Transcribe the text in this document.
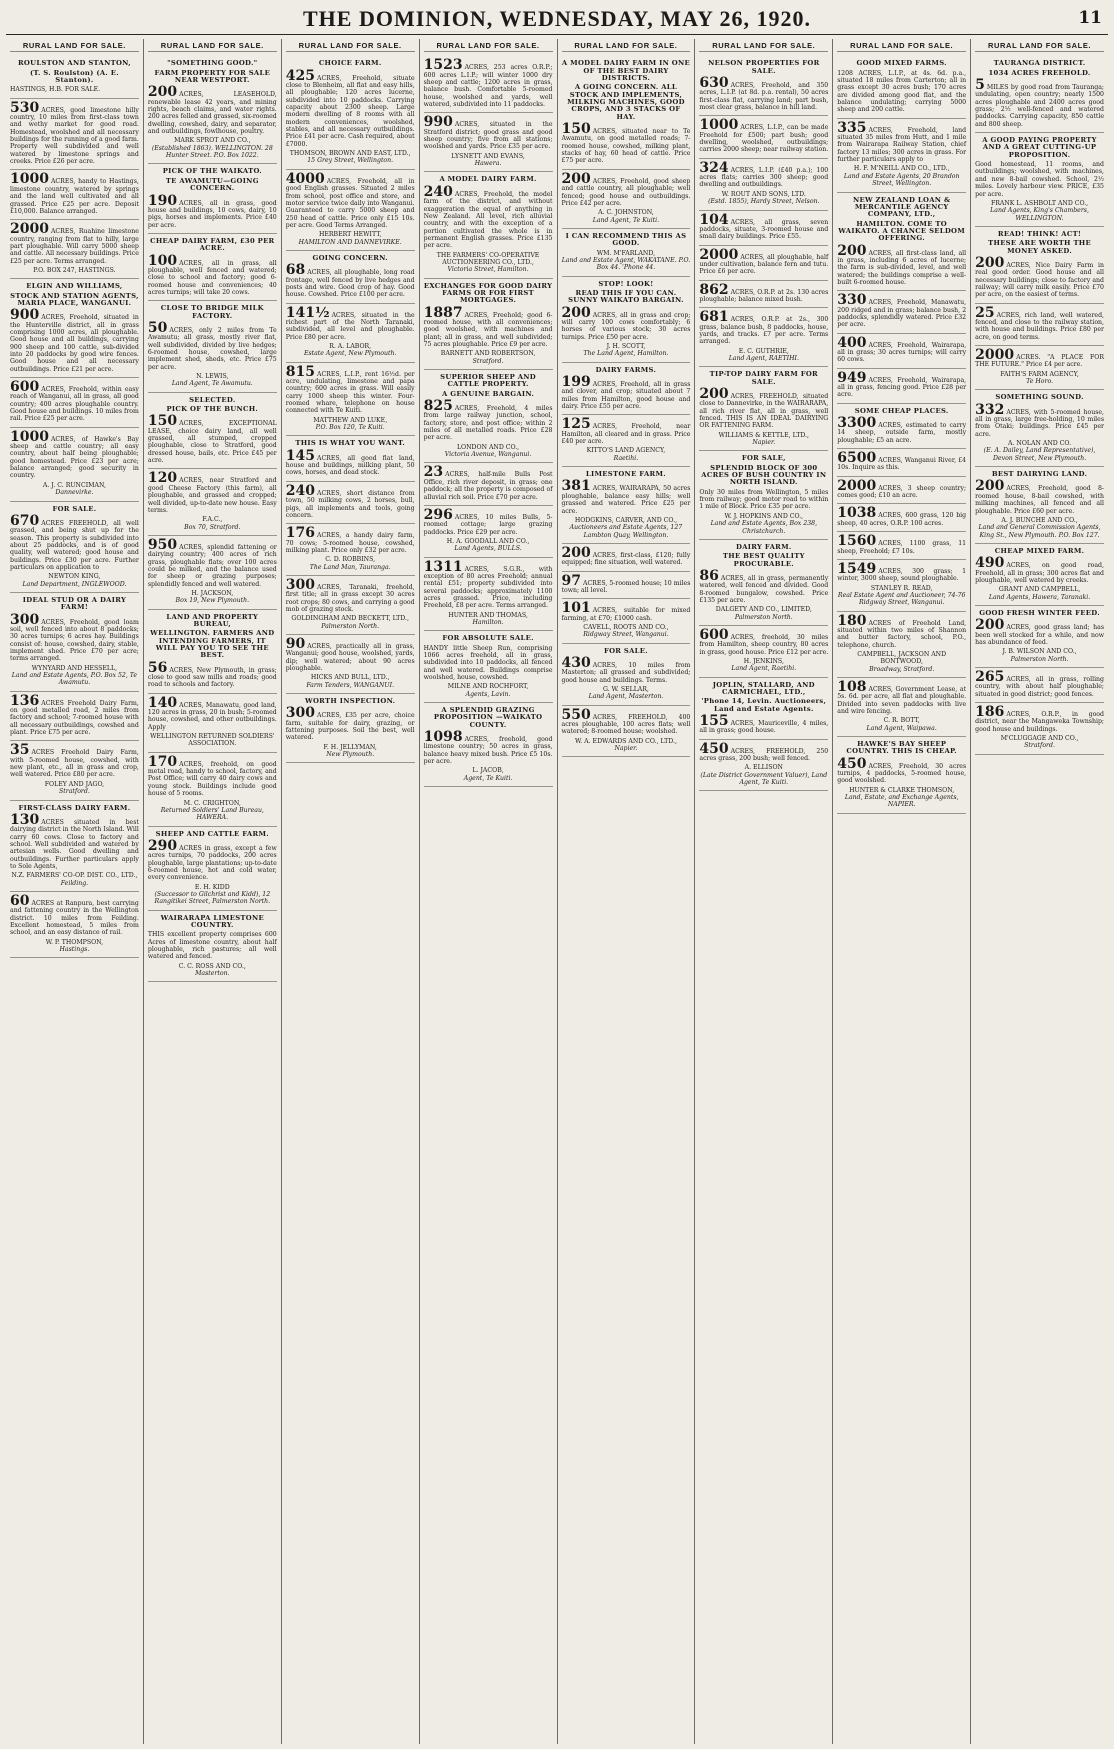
THE DOMINION, WEDNESDAY, MAY 26, 1920.	11
RURAL LAND FOR SALE.
ROULSTON AND STANTON,
(T. S. Roulston) (A. E. Stanton).
HASTINGS, H.B. FOR SALE.
530 ACRES, good limestone hilly country, 10 miles from first-class town and wethy market for good road. Homestead, woolshed and all necessary buildings for the running of a good farm. Property well subdivided and well watered by limestone springs and creeks. Price £26 per acre.
1000 ACRES, handy to Hastings, limestone country, watered by springs and the land well cultivated and all grassed. Price £25 per acre. Deposit £10,000. Balance arranged.
2000 ACRES, Ruahine limestone country, ranging from flat to hilly, large part ploughable. Will carry 5000 sheep and cattle. All necessary buildings. Price £25 per acre. Terms arranged.
P.O. BOX 247, HASTINGS.
ELGIN AND WILLIAMS,
STOCK AND STATION AGENTS, MARIA PLACE, WANGANUI.
900 ACRES, Freehold, situated in the Hunterville district, all in grass comprising 1000 acres, all ploughable. Good house and all buildings, carrying 900 sheep and 100 cattle, sub-divided into 20 paddocks by good wire fences. Good house and all necessary outbuildings. Price £21 per acre.
600 ACRES, Freehold, within easy reach of Wanganui, all in grass, all good country; 400 acres ploughable country. Good house and buildings. 10 miles from rail. Price £25 per acre.
1000 ACRES, of Hawke's Bay sheep and cattle country; all easy country, about half being ploughable; good homestead. Price £23 per acre; balance arranged; good security in country.
A. J. C. RUNCIMAN,
Dannevirke.
FOR SALE.
670 ACRES FREEHOLD, all well grassed, and being shut up for the season. This property is subdivided into about 25 paddocks, and is of good quality, well watered; good house and buildings. Price £30 per acre. Further particulars on application to
NEWTON KING,
Land Department, INGLEWOOD.
IDEAL STUD OR A DAIRY FARM!
300 ACRES, Freehold, good loam soil, well fenced into about 8 paddocks; 30 acres turnips; 6 acres hay. Buildings consist of: house, cowshed, dairy, stable, implement shed. Price £70 per acre; terms arranged.
WYNYARD AND HESSELL,
Land and Estate Agents, P.O. Box 52, Te Awamutu.
136 ACRES Freehold Dairy Farm, on good metalled road, 2 miles from factory and school; 7-roomed house with all necessary outbuildings, cowshed and plant. Price £75 per acre.
35 ACRES Freehold Dairy Farm, with 5-roomed house, cowshed, with new plant, etc., all in grass and crop, well watered. Price £80 per acre.
FOLEY AND JAGO,
Stratford.
FIRST-CLASS DAIRY FARM.
130 ACRES situated in best dairying district in the North Island. Will carry 60 cows. Close to factory and school. Well subdivided and watered by artesian wells. Good dwelling and outbuildings. Further particulars apply to Sole Agents,
N.Z. FARMERS' CO-OP. DIST. CO., LTD.,
Feilding.
60 ACRES at Ranpura, best carrying and fattening country in the Wellington district. 10 miles from Feilding. Excellent homestead, 5 miles from school, and an easy distance of rail.
W. P. THOMPSON,
Hastings.
RURAL LAND FOR SALE.
"SOMETHING GOOD."
FARM PROPERTY FOR SALE NEAR WESTPORT.
200 ACRES, LEASEHOLD, renewable lease 42 years, and mining rights, beach claims, and water rights. 200 acres felled and grassed, six-roomed dwelling, cowshed, dairy, and separator, and outbuildings, fowlhouse, poultry.
MARK SPROT AND CO.,
(Established 1863). WELLINGTON. 28 Hunter Street. P.O. Box 1022.
PICK OF THE WAIKATO.
TE AWAMUTU—GOING CONCERN.
190 ACRES, all in grass, good house and buildings, 10 cows, dairy, 10 pigs, horses and implements. Price £40 per acre.
CHEAP DAIRY FARM, £30 PER ACRE.
100 ACRES, all in grass, all ploughable, well fenced and watered; close to school and factory; good 6-roomed house and conveniences; 40 acres turnips; will take 20 cows.
CLOSE TO BRIDGE MILK FACTORY.
50 ACRES, only 2 miles from Te Awamutu; all grass, mostly river flat, well subdivided, divided by live hedges; 6-roomed house, cowshed, large implement shed, sheds, etc. Price £75 per acre.
N. LEWIS,
Land Agent, Te Awamutu.
SELECTED.
PICK OF THE BUNCH.
150 ACRES, EXCEPTIONAL LEASE, choice dairy land, all well grassed, all stumped, cropped ploughable, close to Stratford, good dressed house, bails, etc. Price £45 per acre.
120 ACRES, near Stratford and good Cheese Factory (this farm), all ploughable, and grassed and cropped; well divided, up-to-date new house. Easy terms.
F.A.C.,
Box 70, Stratford.
950 ACRES, splendid fattening or dairying country; 400 acres of rich grass, ploughable flats; over 100 acres could be milked, and the balance used for sheep or grazing purposes; splendidly fenced and well watered.
H. JACKSON,
Box 19, New Plymouth.
LAND AND PROPERTY BUREAU,
WELLINGTON. FARMERS AND INTENDING FARMERS, IT WILL PAY YOU TO SEE THE BEST.
56 ACRES, New Plymouth, in grass; close to good saw mills and roads; good road to schools and factory.
140 ACRES, Manawatu, good land, 120 acres in grass, 20 in bush; 5-roomed house, cowshed, and other outbuildings. Apply
WELLINGTON RETURNED SOLDIERS' ASSOCIATION.
170 ACRES, freehold, on good metal road, handy to school, factory, and Post Office; will carry 40 dairy cows and young stock. Buildings include good house of 5 rooms.
M. C. CRIGHTON,
Returned Soldiers' Land Bureau, HAWERA.
SHEEP AND CATTLE FARM.
290 ACRES in grass, except a few acres turnips, 70 paddocks, 200 acres ploughable, large plantations; up-to-date 6-roomed house, hot and cold water, every convenience.
E. H. KIDD
(Successor to Gilchrist and Kidd), 12 Rangitikei Street, Palmerston North.
WAIRARAPA LIMESTONE COUNTRY.
THIS excellent property comprises 600 Acres of limestone country, about half ploughable, rich pastures; all well watered and fenced.
C. C. ROSS AND CO.,
Masterton.
RURAL LAND FOR SALE.
CHOICE FARM.
425 ACRES, Freehold, situate close to Blenheim, all flat and easy hills, all ploughable; 120 acres lucerne, subdivided into 10 paddocks. Carrying capacity about 2300 sheep. Large modern dwelling of 8 rooms with all modern conveniences, woolshed, stables, and all necessary outbuildings. Price £41 per acre. Cash required, about £7000.
THOMSON, BROWN AND EAST, LTD.,
15 Grey Street, Wellington.
4000 ACRES, Freehold, all in good English grasses. Situated 2 miles from school, post office and store, and motor service twice daily into Wanganui. Guaranteed to carry 5000 sheep and 250 head of cattle. Price only £15 10s. per acre. Good Terms Arranged.
HERBERT HEWITT,
HAMILTON AND DANNEVIRKE.
GOING CONCERN.
68 ACRES, all ploughable, long road frontage, well fenced by live hedges and posts and wire. Good crop of hay. Good house. Cowshed. Price £100 per acre.
141½ ACRES, situated in the richest part of the North Taranaki, subdivided, all level and ploughable. Price £80 per acre.
R. A. LABOR,
Estate Agent, New Plymouth.
815 ACRES, L.I.P., rent 16½d. per acre, undulating, limestone and papa country; 600 acres in grass. Will easily carry 1000 sheep this winter. Four-roomed whare, telephone on house connected with Te Kuiti.
MATTHEW AND LUKE,
P.O. Box 120, Te Kuiti.
THIS IS WHAT YOU WANT.
145 ACRES, all good flat land, house and buildings, milking plant, 50 cows, horses, and dead stock.
240 ACRES, short distance from town, 50 milking cows, 2 horses, bull, pigs, all implements and tools, going concern.
176 ACRES, a handy dairy farm, 70 cows; 5-roomed house, cowshed, milking plant. Price only £32 per acre.
C. D. ROBBINS,
The Land Man, Tauranga.
300 ACRES, Taranaki, freehold, first title; all in grass except 30 acres root crops; 80 cows, and carrying a good mob of grazing stock.
GOLDINGHAM AND BECKETT, LTD.,
Palmerston North.
90 ACRES, practically all in grass, Wanganui; good house, woolshed, yards, dip; well watered; about 90 acres ploughable.
HICKS AND BULL, LTD.,
Farm Tenders, WANGANUI.
WORTH INSPECTION.
300 ACRES, £35 per acre, choice farm, suitable for dairy, grazing, or fattening purposes. Soil the best, well watered.
F. H. JELLYMAN,
New Plymouth.
RURAL LAND FOR SALE.
1523 ACRES, 253 acres O.R.P.; 600 acres L.I.P.; will winter 1000 dry sheep and cattle; 1200 acres in grass, balance bush. Comfortable 5-roomed house, woolshed and yards, well watered, subdivided into 11 paddocks.
990 ACRES, situated in the Stratford district; good grass and good sheep country; five from all stations; woolshed and yards. Price £35 per acre.
LYSNETT AND EVANS,
Hawera.
A MODEL DAIRY FARM.
240 ACRES, Freehold, the model farm of the district, and without exaggeration the equal of anything in New Zealand. All level, rich alluvial country, and with the exception of a portion cultivated the whole is in permanent English grasses. Price £135 per acre.
THE FARMERS' CO-OPERATIVE AUCTIONEERING CO., LTD.,
Victoria Street, Hamilton.
EXCHANGES FOR GOOD DAIRY FARMS OR FOR FIRST MORTGAGES.
1887 ACRES, Freehold; good 6-roomed house, with all conveniences; good woolshed, with machines and plant; all in grass, and well subdivided; 75 acres ploughable. Price £9 per acre.
BARNETT AND ROBERTSON,
Stratford.
SUPERIOR SHEEP AND CATTLE PROPERTY.
A GENUINE BARGAIN.
825 ACRES, Freehold, 4 miles from large railway junction, school, factory, store, and post office; within 2 miles of all metalled roads. Price £28 per acre.
LONDON AND CO.,
Victoria Avenue, Wanganui.
23 ACRES, half-mile Bulls Post Office, rich river deposit, in grass; one paddock; all the property is composed of alluvial rich soil. Price £70 per acre.
296 ACRES, 10 miles Bulls, 5-roomed cottage; large grazing paddocks. Price £29 per acre.
H. A. GOODALL AND CO.,
Land Agents, BULLS.
1311 ACRES, S.G.R., with exception of 80 acres Freehold; annual rental £51; property subdivided into several paddocks; approximately 1100 acres grassed. Price, including Freehold, £8 per acre. Terms arranged.
HUNTER AND THOMAS,
Hamilton.
FOR ABSOLUTE SALE.
HANDY little Sheep Run, comprising 1066 acres freehold, all in grass, subdivided into 10 paddocks, all fenced and well watered. Buildings comprise woolshed, house, cowshed.
MILNE AND ROCHFORT,
Agents, Lavin.
A SPLENDID GRAZING PROPOSITION —WAIKATO COUNTY.
1098 ACRES, freehold, good limestone country; 50 acres in grass, balance heavy mixed bush. Price £5 10s. per acre.
L. JACOB,
Agent, Te Kuiti.
RURAL LAND FOR SALE.
A MODEL DAIRY FARM IN ONE OF THE BEST DAIRY DISTRICTS.
A GOING CONCERN. ALL STOCK AND IMPLEMENTS, MILKING MACHINES, GOOD CROPS, AND 3 STACKS OF HAY.
150 ACRES, situated near to Te Awamutu, on good metalled roads; 7-roomed house, cowshed, milking plant, stacks of hay, 60 head of cattle. Price £75 per acre.
200 ACRES, Freehold, good sheep and cattle country, all ploughable; well fenced; good house and outbuildings. Price £42 per acre.
A. C. JOHNSTON,
Land Agent, Te Kuiti.
I CAN RECOMMEND THIS AS GOOD.
WM. M'FARLAND,
Land and Estate Agent, WAKATANE. P.O. Box 44. 'Phone 44.
STOP! LOOK!
READ THIS IF YOU CAN. SUNNY WAIKATO BARGAIN.
200 ACRES, all in grass and crop; will carry 100 cows comfortably; 6 horses of various stock; 30 acres turnips. Price £50 per acre.
J. H. SCOTT,
The Land Agent, Hamilton.
DAIRY FARMS.
199 ACRES, Freehold, all in grass and clover, and crop; situated about 7 miles from Hamilton, good house and dairy. Price £55 per acre.
125 ACRES, Freehold, near Hamilton, all cleared and in grass. Price £40 per acre.
KITTO'S LAND AGENCY,
Raetihi.
LIMESTONE FARM.
381 ACRES, WAIRARAPA, 50 acres ploughable, balance easy hills; well grassed and watered. Price £25 per acre.
HODGKINS, CARVER, AND CO.,
Auctioneers and Estate Agents, 127 Lambton Quay, Wellington.
200 ACRES, first-class, £120; fully equipped; fine situation, well watered.
97 ACRES, 5-roomed house; 10 miles town; all level.
101 ACRES, suitable for mixed farming, at £70; £1000 cash.
CAVELL, ROOTS AND CO.,
Ridgway Street, Wanganui.
FOR SALE.
430 ACRES, 10 miles from Masterton; all grassed and subdivided; good house and buildings. Terms.
G. W. SELLAR,
Land Agent, Masterton.
550 ACRES, FREEHOLD, 400 acres ploughable, 100 acres flats; well watered; 8-roomed house; woolshed.
W. A. EDWARDS AND CO., LTD.,
Napier.
RURAL LAND FOR SALE.
NELSON PROPERTIES FOR SALE.
630 ACRES, Freehold, and 350 acres, L.I.P. (at 8d. p.a. rental), 50 acres first-class flat, carrying land; part bush, most clear grass, balance in hill land.
1000 ACRES, L.I.P., can be made Freehold for £500; part bush; good dwelling, woolshed, outbuildings; carries 2000 sheep; near railway station.
324 ACRES, L.I.P. (£40 p.a.); 100 acres flats; carries 300 sheep; good dwelling and outbuildings.
W. ROUT AND SONS, LTD.
(Estd. 1855), Hardy Street, Nelson.
104 ACRES, all grass, seven paddocks, situate, 3-roomed house and small dairy buildings. Price £55.
2000 ACRES, all ploughable, half under cultivation, balance fern and tutu. Price £6 per acre.
862 ACRES, O.R.P. at 2s. 130 acres ploughable; balance mixed bush.
681 ACRES, O.R.P. at 2s., 300 grass, balance bush, 8 paddocks, house, yards, and tracks. £7 per acre. Terms arranged.
E. C. GUTHRIE,
Land Agent, RAETIHI.
TIP-TOP DAIRY FARM FOR SALE.
200 ACRES, FREEHOLD, situated close to Dannevirke, in the WAIRARAPA, all rich river flat, all in grass, well fenced. THIS IS AN IDEAL DAIRYING OR FATTENING FARM.
WILLIAMS & KETTLE, LTD.,
Napier.
FOR SALE,
SPLENDID BLOCK OF 300 ACRES OF BUSH COUNTRY IN NORTH ISLAND.
Only 30 miles from Wellington, 5 miles from railway; good motor road to within 1 mile of Block. Price £35 per acre.
W. J. HOPKINS AND CO.,
Land and Estate Agents, Box 238, Christchurch.
DAIRY FARM.
THE BEST QUALITY PROCURABLE.
86 ACRES, all in grass, permanently watered, well fenced and divided. Good 8-roomed bungalow, cowshed. Price £135 per acre.
DALGETY AND CO., LIMITED,
Palmerston North.
600 ACRES, freehold, 30 miles from Hamilton, sheep country, 80 acres in grass, good house. Price £12 per acre.
H. JENKINS,
Land Agent, Raetihi.
JOPLIN, STALLARD, AND CARMICHAEL, LTD.,
'Phone 14, Levin. Auctioneers, Land and Estate Agents.
155 ACRES, Mauriceville, 4 miles, all in grass; good house.
450 ACRES, FREEHOLD, 250 acres grass, 200 bush; well fenced.
A. ELLISON
(Late District Government Valuer), Land Agent, Te Kuiti.
RURAL LAND FOR SALE.
GOOD MIXED FARMS.
1208 ACRES, L.I.P., at 4s. 6d. p.a., situated 18 miles from Carterton; all in grass except 30 acres bush; 170 acres are divided among good flat, and the balance undulating; carrying 5000 sheep and 200 cattle.
335 ACRES, Freehold, land situated 35 miles from Hutt, and 1 mile from Wairarapa Railway Station, chief factory 13 miles; 300 acres in grass. For further particulars apply to
H. F. M'NEILL AND CO., LTD.,
Land and Estate Agents, 20 Brandon Street, Wellington.
NEW ZEALAND LOAN & MERCANTILE AGENCY COMPANY, LTD.,
HAMILTON. COME TO WAIKATO. A CHANCE SELDOM OFFERING.
200 ACRES, all first-class land, all in grass, including 6 acres of lucerne; the farm is sub-divided, level, and well watered; the buildings comprise a well-built 6-roomed house.
330 ACRES, Freehold, Manawatu, 200 ridged and in grass; balance bush, 2 paddocks, splendidly watered. Price £32 per acre.
400 ACRES, Freehold, Wairarapa, all in grass; 30 acres turnips; will carry 60 cows.
949 ACRES, Freehold, Wairarapa, all in grass, fencing good. Price £28 per acre.
SOME CHEAP PLACES.
3300 ACRES, estimated to carry 14 sheep, outside farm, mostly ploughable; £5 an acre.
6500 ACRES, Wanganui River, £4 10s. Inquire as this.
2000 ACRES, 3 sheep country; comes good; £10 an acre.
1038 ACRES, 600 grass, 120 big sheep, 40 acres, O.R.P. 100 acres.
1560 ACRES, 1100 grass, 11 sheep, Freehold; £7 10s.
1549 ACRES, 300 grass; 1 winter, 3000 sheep, sound ploughable.
STANLEY R. READ,
Real Estate Agent and Auctioneer, 74-76 Ridgway Street, Wanganui.
180 ACRES of Freehold Land, situated within two miles of Shannon and butter factory, school, P.O., telephone, church.
CAMPBELL, JACKSON AND BONTWOOD,
Broadway, Stratford.
108 ACRES, Government Lease, at 5s. 6d. per acre, all flat and ploughable. Divided into seven paddocks with live and wire fencing.
C. R. BOTT,
Land Agent, Waipawa.
HAWKE'S BAY SHEEP COUNTRY. THIS IS CHEAP.
450 ACRES, Freehold, 30 acres turnips, 4 paddocks, 5-roomed house, good woolshed.
HUNTER & CLARKE THOMSON,
Land, Estate, and Exchange Agents, NAPIER.
RURAL LAND FOR SALE.
TAURANGA DISTRICT.
1034 ACRES FREEHOLD.
5 MILES by good road from Tauranga; undulating, open country; nearly 1500 acres ploughable and 2400 acres good grass; 2½ well-fenced and watered paddocks. Carrying capacity, 850 cattle and 800 sheep.
A GOOD PAYING PROPERTY AND A GREAT CUTTING-UP PROPOSITION.
Good homestead, 11 rooms, and outbuildings; woolshed, with machines, and new 8-bail cowshed. School, 2½ miles. Lovely harbour view. PRICE, £35 per acre.
FRANK L. ASHBOLT AND CO.,
Land Agents, King's Chambers, WELLINGTON.
READ! THINK! ACT!
THESE ARE WORTH THE MONEY ASKED.
200 ACRES, Nice Dairy Farm in real good order. Good house and all necessary buildings; close to factory and railway; will carry milk easily. Price £70 per acre, on the easiest of terms.
25 ACRES, rich land, well watered, fenced, and close to the railway station, with house and buildings. Price £80 per acre, on good terms.
2000 ACRES. "A PLACE FOR THE FUTURE." Price £4 per acre.
FAITH'S FARM AGENCY,
Te Horo.
SOMETHING SOUND.
332 ACRES, with 5-roomed house, all in grass, large free-holding, 10 miles from Otaki; buildings. Price £45 per acre.
A. NOLAN AND CO.
(E. A. Dailey, Land Representative), Devon Street, New Plymouth.
BEST DAIRYING LAND.
200 ACRES, Freehold, good 8-roomed house, 8-bail cowshed, with milking machines, all fenced and all ploughable. Price £60 per acre.
A. J. BUNCHE AND CO.,
Land and General Commission Agents, King St., New Plymouth. P.O. Box 127.
CHEAP MIXED FARM.
490 ACRES, on good road, Freehold, all in grass; 300 acres flat and ploughable, well watered by creeks.
GRANT AND CAMPBELL,
Land Agents, Hawera, Taranaki.
GOOD FRESH WINTER FEED.
200 ACRES, good grass land; has been well stocked for a while, and now has abundance of feed.
J. B. WILSON AND CO.,
Palmerston North.
265 ACRES, all in grass, rolling country, with about half ploughable; situated in good district; good fences.
186 ACRES, O.R.P., in good district, near the Mangaweka Township; good house and buildings.
M'CLUGGAGE AND CO.,
Stratford.
